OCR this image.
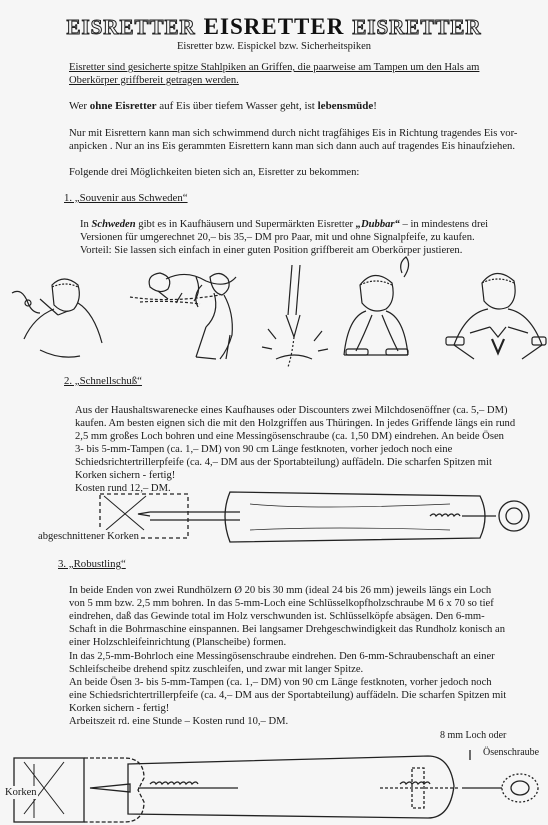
EISRETTER EISRETTER EISRETTER
Eisretter bzw. Eispickel bzw. Sicherheitspiken
Eisretter sind gesicherte spitze Stahlpiken an Griffen, die paarweise am Tampen um den Hals am
Oberkörper griffbereit getragen werden.
Wer ohne Eisretter auf Eis über tiefem Wasser geht, ist lebensmüde!
Nur mit Eisrettern kann man sich schwimmend durch nicht tragfähiges Eis in Richtung tragendes Eis vor-
anpicken . Nur an ins Eis gerammten Eisrettern kann man sich dann auch auf tragendes Eis hinaufziehen.
Folgende drei Möglichkeiten bieten sich an, Eisretter zu bekommen:
1. „Souvenir aus Schweden“
In Schweden gibt es in Kaufhäusern und Supermärkten Eisretter „Dubbar“ – in mindestens drei
Versionen für umgerechnet 20,– bis 35,– DM pro Paar, mit und ohne Signalpfeife, zu kaufen.
Vorteil: Sie lassen sich einfach in einer guten Position griffbereit am Oberkörper justieren.
2. „Schnellschuß“
Aus der Haushaltswarenecke eines Kaufhauses oder Discounters zwei Milchdosenöffner (ca. 5,– DM)
kaufen. Am besten eignen sich die mit den Holzgriffen aus Thüringen. In jedes Griffende längs ein rund
2,5 mm großes Loch bohren und eine Messingösenschraube (ca. 1,50 DM) eindrehen. An beide Ösen
3- bis 5-mm-Tampen (ca. 1,– DM) von 90 cm Länge festknoten, vorher jedoch noch eine
Schiedsrichtertrillerpfeife (ca. 4,– DM aus der Sportabteilung) auffädeln. Die scharfen Spitzen mit
Korken sichern - fertig!
Kosten rund 12,– DM.
abgeschnittener Korken
3. „Robustling“
In beide Enden von zwei Rundhölzern Ø 20 bis 30 mm (ideal 24 bis 26 mm) jeweils längs ein Loch
von 5 mm bzw. 2,5 mm bohren. In das 5-mm-Loch eine Schlüsselkopfholzschraube M 6 x 70 so tief
eindrehen, daß das Gewinde total im Holz verschwunden ist. Schlüsselköpfe absägen. Den 6-mm-
Schaft in die Bohrmaschine einspannen. Bei langsamer Drehgeschwindigkeit das Rundholz konisch an
einer Holzschleifeinrichtung (Planscheibe) formen.
In das 2,5-mm-Bohrloch eine Messingösenschraube eindrehen. Den 6-mm-Schraubenschaft an einer
Schleifscheibe drehend spitz zuschleifen, und zwar mit langer Spitze.
An beide Ösen 3- bis 5-mm-Tampen (ca. 1,– DM) von 90 cm Länge festknoten, vorher jedoch noch
eine Schiedsrichtertrillerpfeife (ca. 4,– DM aus der Sportabteilung) auffädeln. Die scharfen Spitzen mit
Korken sichern - fertig!
Arbeitszeit rd. eine Stunde – Kosten rund 10,– DM.
8 mm Loch oder
Ösenschraube
Korken
